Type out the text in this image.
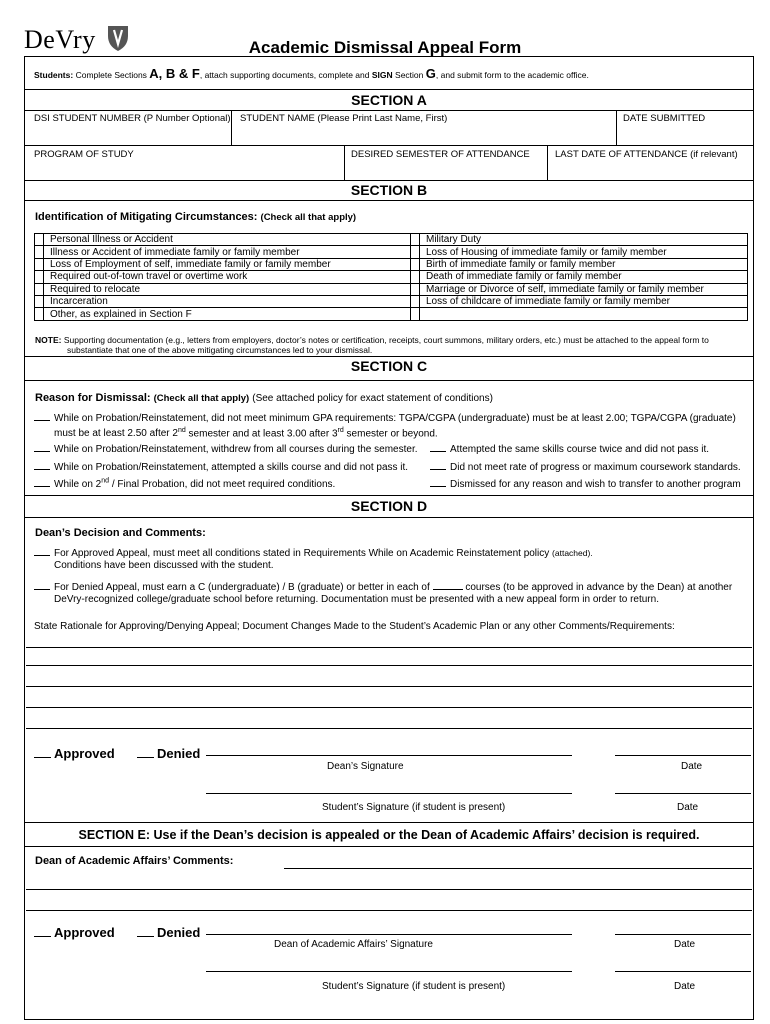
DeVry	Academic Dismissal Appeal Form
Students: Complete Sections A, B & F, attach supporting documents, complete and SIGN Section G, and submit form to the academic office.
SECTION A
DSI STUDENT NUMBER (P Number Optional) STUDENT NAME (Please Print Last Name, First)	DATE SUBMITTED
PROGRAM OF STUDY	DESIRED SEMESTER OF ATTENDANCE	LAST DATE OF ATTENDANCE (if relevant)
SECTION B
Identification of Mitigating Circumstances: (Check all that apply)
	Personal Illness or Accident		Military Duty
	Illness or Accident of immediate family or family member		Loss of Housing of immediate family or family member
	Loss of Employment of self, immediate family or family member		Birth of immediate family or family member
	Required out-of-town travel or overtime work		Death of immediate family or family member
	Required to relocate		Marriage or Divorce of self, immediate family or family member
	Incarceration		Loss of childcare of immediate family or family member
	Other, as explained in Section F		
NOTE: Supporting documentation (e.g., letters from employers, doctor’s notes or certification, receipts, court summons, military orders, etc.) must be attached to the appeal form to
substantiate that one of the above mitigating circumstances led to your dismissal.
SECTION C
Reason for Dismissal: (Check all that apply) (See attached policy for exact statement of conditions)
While on Probation/Reinstatement, did not meet minimum GPA requirements: TGPA/CGPA (undergraduate) must be at least 2.00; TGPA/CGPA (graduate)
must be at least 2.50 after 2nd semester and at least 3.00 after 3rd semester or beyond.
While on Probation/Reinstatement, withdrew from all courses during the semester.	Attempted the same skills course twice and did not pass it.
While on Probation/Reinstatement, attempted a skills course and did not pass it.	Did not meet rate of progress or maximum coursework standards.
While on 2nd / Final Probation, did not meet required conditions.	Dismissed for any reason and wish to transfer to another program
SECTION D
Dean’s Decision and Comments:
For Approved Appeal, must meet all conditions stated in Requirements While on Academic Reinstatement policy (attached).
Conditions have been discussed with the student.
For Denied Appeal, must earn a C (undergraduate) / B (graduate) or better in each of	courses (to be approved in advance by the Dean) at another
DeVry-recognized college/graduate school before returning. Documentation must be presented with a new appeal form in order to return.
State Rationale for Approving/Denying Appeal; Document Changes Made to the Student’s Academic Plan or any other Comments/Requirements:
Approved	Denied
Dean’s Signature	Date
Student’s Signature (if student is present)	Date
SECTION E: Use if the Dean’s decision is appealed or the Dean of Academic Affairs’ decision is required.
Dean of Academic Affairs’ Comments:
Approved	Denied
Dean of Academic Affairs’ Signature	Date
Student’s Signature (if student is present)	Date
